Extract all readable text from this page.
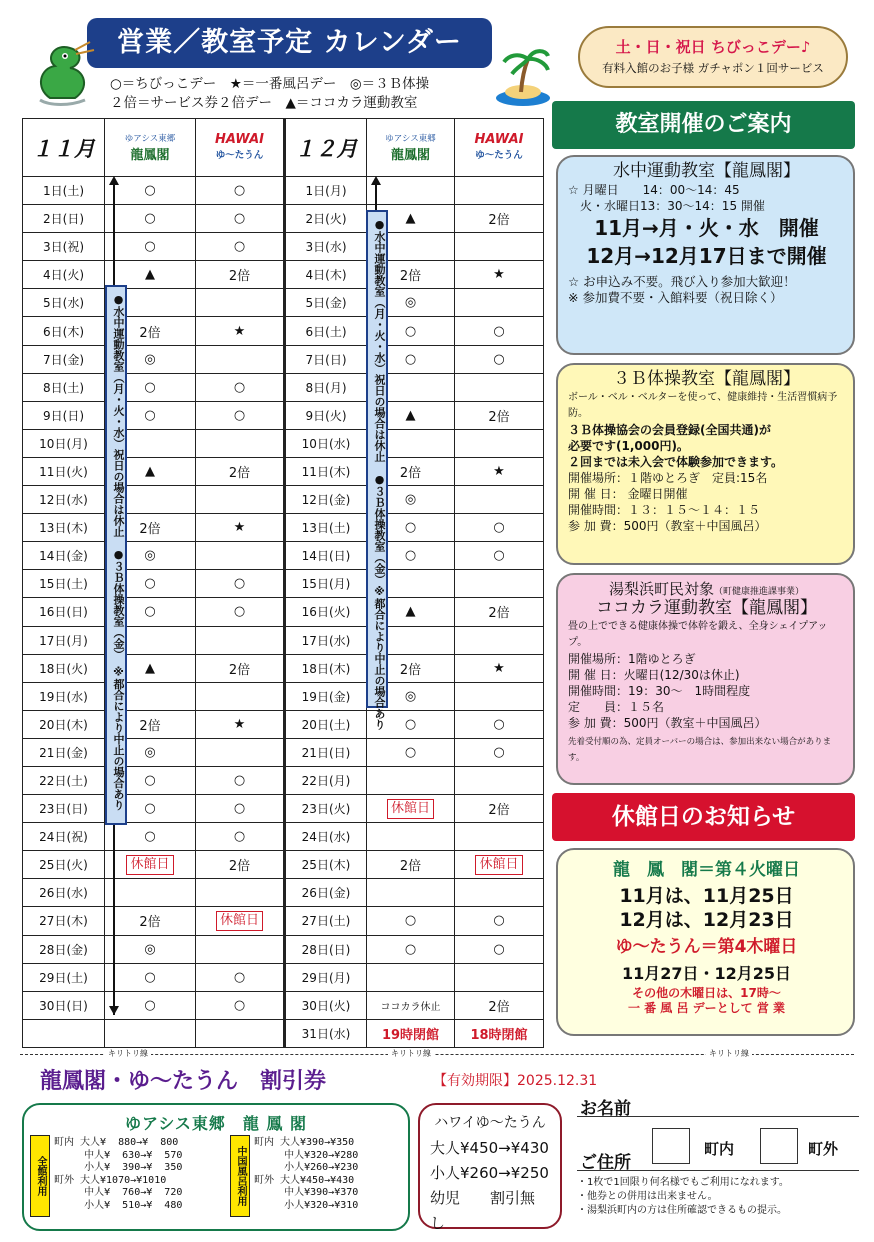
営業／教室予定 カレンダー
○＝ちびっこデー　★＝一番風呂デー　◎＝３Ｂ体操
２倍＝サービス券２倍デー　▲＝ココカラ運動教室
土・日・祝日 ちびっこデー♪
有料入館のお子様 ガチャポン１回サービス
１１月	ゆアシス東郷
龍鳳閣	HAWAI
ゆ〜たうん	１２月	ゆアシス東郷
龍鳳閣	HAWAI
ゆ〜たうん

1日(土)	○	○	1日(月)		
2日(日)	○	○	2日(火)	▲	2倍
3日(祝)	○	○	3日(水)		
4日(火)	▲	2倍	4日(木)	2倍	★
5日(水)			5日(金)	◎	
6日(木)	2倍	★	6日(土)	○	○
7日(金)	◎		7日(日)	○	○
8日(土)	○	○	8日(月)		
9日(日)	○	○	9日(火)	▲	2倍
10日(月)			10日(水)		
11日(火)	▲	2倍	11日(木)	2倍	★
12日(水)			12日(金)	◎	
13日(木)	2倍	★	13日(土)	○	○
14日(金)	◎		14日(日)	○	○
15日(土)	○	○	15日(月)		
16日(日)	○	○	16日(火)	▲	2倍
17日(月)			17日(水)		
18日(火)	▲	2倍	18日(木)	2倍	★
19日(水)			19日(金)	◎	
20日(木)	2倍	★	20日(土)	○	○
21日(金)	◎		21日(日)	○	○
22日(土)	○	○	22日(月)		
23日(日)	○	○	23日(火)	休館日	2倍
24日(祝)	○	○	24日(水)		
25日(火)	休館日	2倍	25日(木)	2倍	休館日
26日(水)			26日(金)		
27日(木)	2倍	休館日	27日(土)	○	○
28日(金)	◎		28日(日)	○	○
29日(土)	○	○	29日(月)		
30日(日)	○	○	30日(火)	ココカラ休止	2倍
			31日(水)	19時閉館	18時閉館
●水中運動教室（月・火・水）祝日の場合は休止　●３Ｂ体操教室（金）　※都合により中止の場合あり	●水中運動教室（月・火・水）祝日の場合は休止　●３Ｂ体操教室（金）※都合により中止の場合あり
教室開催のご案内
水中運動教室【龍鳳閣】
☆ 月曜日　　14：00〜14：45
　火・水曜日13：30〜14：15 開催
11月→月・火・水　開催
12月→12月17日まで開催
☆ お申込み不要。飛び入り参加大歓迎！
※ 参加費不要・入館料要（祝日除く）
３Ｂ体操教室【龍鳳閣】
ボール・ベル・ベルターを使って、健康維持・生活習慣病予防。
３Ｂ体操協会の会員登録(全国共通)が
必要です(1,000円)。
２回までは未入会で体験参加できます。
開催場所：１階ゆとろぎ　定員:15名
開 催 日： 金曜日開催
開催時間：１３：１５〜１４：１５
参 加 費：500円（教室＋中国風呂）
湯梨浜町民対象（町健康推進課事業）
ココカラ運動教室【龍鳳閣】
畳の上でできる健康体操で体幹を鍛え、全身シェイプアップ。
開催場所：1階ゆとろぎ
開 催 日：火曜日(12/30は休止)
開催時間：19：30〜　1時間程度
定　　員：１５名
参 加 費：500円（教室＋中国風呂）
先着受付順の為、定員オーバーの場合は、参加出来ない場合があります。
休館日のお知らせ
龍　鳳　閣＝第４火曜日
11月は、11月25日
12月は、12月23日
ゆ〜たうん＝第4木曜日
11月27日・12月25日
その他の木曜日は、17時〜
一 番 風 呂 デーとして 営 業
キリトリ線	キリトリ線	キリトリ線
龍鳳閣・ゆ〜たうん　割引券	【有効期限】2025.12.31
ゆアシス東郷　龍 鳳 閣
全館利用
町内 大人¥  880→¥  800
中人¥  630→¥  570
小人¥  390→¥  350
町外 大人¥1070→¥1010
中人¥  760→¥  720
小人¥  510→¥  480	中国風呂利用
町内 大人¥390→¥350
中人¥320→¥280
小人¥260→¥230
町外 大人¥450→¥430
中人¥390→¥370
小人¥320→¥310
ハワイゆ〜たうん
大人¥450→¥430
小人¥260→¥250
幼児　　 割引無し
お名前
ご住所
町内	町外
・1枚で1回限り何名様でもご利用になれます。
・他券との併用は出来ません。
・湯梨浜町内の方は住所確認できるもの提示。
